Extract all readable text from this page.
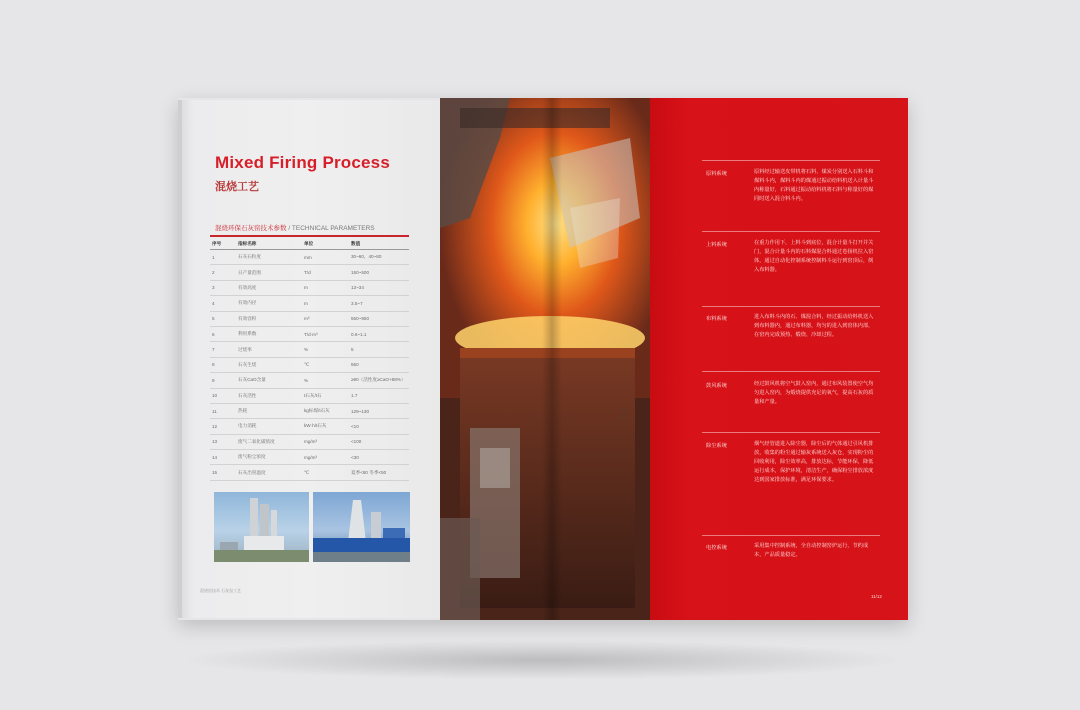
Mixed Firing Process
混烧工艺
混烧环保石灰窑技术参数 / TECHNICAL PARAMETERS
序号	指标名称	单位	数值
1	石灰石粒度	mm	30~60、40~80
2	日产量范围	T/d	150~500
3	有效高度	m	13~34
4	有效内径	m	3.5~7
5	有效容积	m³	550~950
6	利用系数	T/d·m³	0.6~1.1
7	过烧率	%	5
8	石灰生烧	℃	550
9	石灰CaO含量	%	≥90（活性度≥CaO+88%）
10	石灰活性	t石灰/t石	1.7
11	热耗	kg标煤/t石灰	129~130
12	电力消耗	kW·h/t石灰	<10
13	废气二氧化碳浓度	mg/m³	<100
14	废气粉尘浓度	mg/m³	<30
15	石灰出窑温度	℃	夏季<80 冬季<50
混烧窑技术 石灰窑工艺
2
原料系统	原料经过输送皮带机将石料、煤炭分别送入石料斗和煤料斗内，煤料斗内的煤通过振动给料机送入计量斗内称量好，石料通过振动给料机将石料与称量好的煤同时送入混合料斗内。
上料系统	在重力作用下，上料斗到底位，混合计量斗打开并关门，混合计量斗内的石料煤混合料通过卷扬机拉入窑体，通过自动化控制系统控制料斗运行到窑顶后，倒入布料器。
布料系统	进入布料斗内的石、煤混合料，经过振动给料机送入到布料器内，通过布料器，均匀的进入到窑体内部，在窑内完成预热、煅烧、冷却过程。
鼓风系统	经过鼓风机将空气鼓入窑内，通过布风装置使空气均匀进入窑内，为煅烧提供充足的氧气，提高石灰的质量和产量。
除尘系统	烟气经管道进入除尘器，除尘后的气体通过引风机排放，收集的粉尘通过输灰系统送入灰仓，实现粉尘的回收利用，除尘效率高，排放达标，节能环保，降低运行成本，保护环境，清洁生产，确保粉尘排放浓度达到国家排放标准，满足环保要求。
电控系统	采用集中控制系统，全自动控制窑炉运行，节约成本，产品质量稳定。
11/12
